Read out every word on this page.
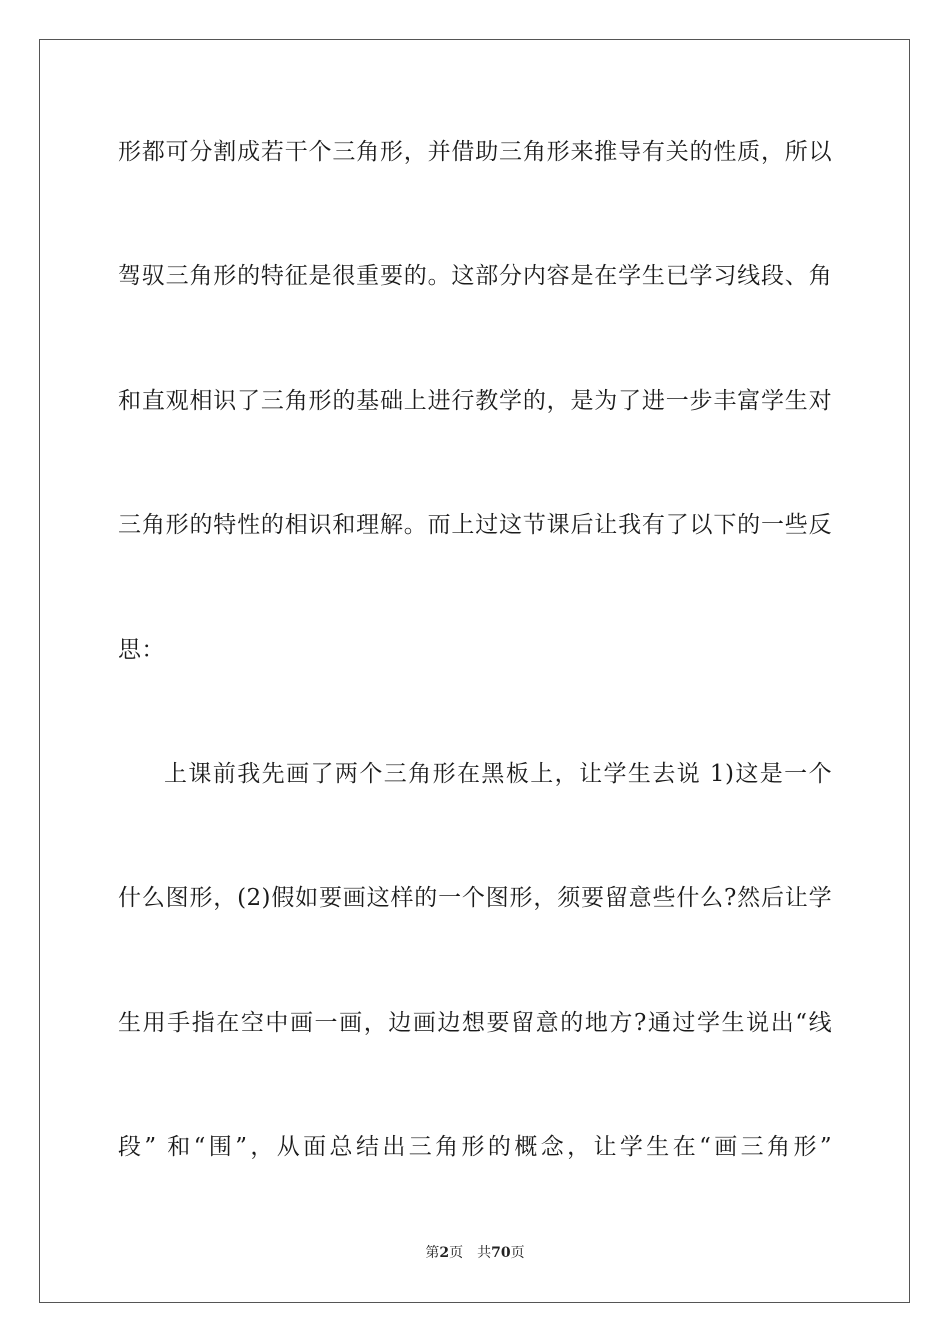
形都可分割成若干个三角形，并借助三角形来推导有关的性质，所以
驾驭三角形的特征是很重要的。这部分内容是在学生已学习线段、角
和直观相识了三角形的基础上进行教学的，是为了进一步丰富学生对
三角形的特性的相识和理解。而上过这节课后让我有了以下的一些反
思：
上课前我先画了两个三角形在黑板上，让学生去说 1)这是一个
什么图形，(2)假如要画这样的一个图形，须要留意些什么?然后让学
生用手指在空中画一画，边画边想要留意的地方?通过学生说出“线
段” 和“围”，从面总结出三角形的概念，让学生在“画三角形”
第2页 共70页
